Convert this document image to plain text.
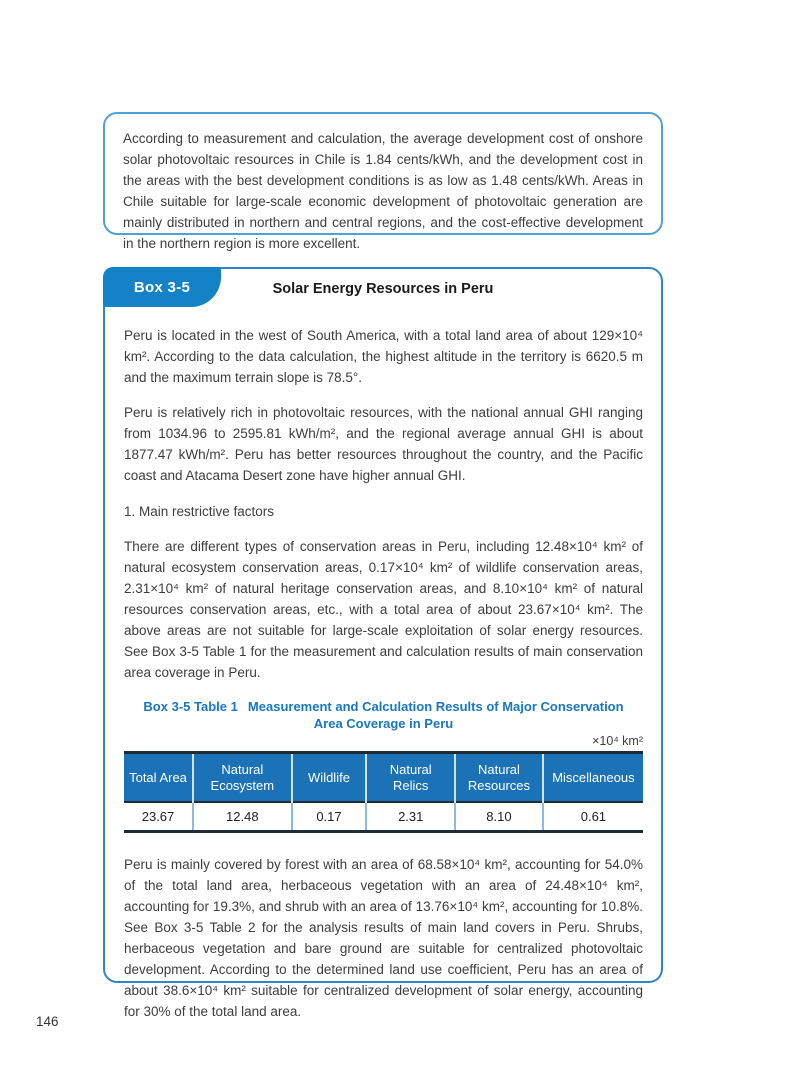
According to measurement and calculation, the average development cost of onshore solar photovoltaic resources in Chile is 1.84 cents/kWh, and the development cost in the areas with the best development conditions is as low as 1.48 cents/kWh. Areas in Chile suitable for large-scale economic development of photovoltaic generation are mainly distributed in northern and central regions, and the cost-effective development in the northern region is more excellent.

Box 3-5	Solar Energy Resources in Peru

Peru is located in the west of South America, with a total land area of about 129×10⁴ km². According to the data calculation, the highest altitude in the territory is 6620.5 m and the maximum terrain slope is 78.5°.

Peru is relatively rich in photovoltaic resources, with the national annual GHI ranging from 1034.96 to 2595.81 kWh/m², and the regional average annual GHI is about 1877.47 kWh/m². Peru has better resources throughout the country, and the Pacific coast and Atacama Desert zone have higher annual GHI.

1. Main restrictive factors

There are different types of conservation areas in Peru, including 12.48×10⁴ km² of natural ecosystem conservation areas, 0.17×10⁴ km² of wildlife conservation areas, 2.31×10⁴ km² of natural heritage conservation areas, and 8.10×10⁴ km² of natural resources conservation areas, etc., with a total area of about 23.67×10⁴ km². The above areas are not suitable for large-scale exploitation of solar energy resources. See Box 3-5 Table 1 for the measurement and calculation results of main conservation area coverage in Peru.

Box 3-5 Table 1  Measurement and Calculation Results of Major Conservation
Area Coverage in Peru
×10⁴ km²
Total Area	Natural Ecosystem	Wildlife	Natural Relics	Natural Resources	Miscellaneous
23.67	12.48	0.17	2.31	8.10	0.61

Peru is mainly covered by forest with an area of 68.58×10⁴ km², accounting for 54.0% of the total land area, herbaceous vegetation with an area of 24.48×10⁴ km², accounting for 19.3%, and shrub with an area of 13.76×10⁴ km², accounting for 10.8%. See Box 3-5 Table 2 for the analysis results of main land covers in Peru. Shrubs, herbaceous vegetation and bare ground are suitable for centralized photovoltaic development. According to the determined land use coefficient, Peru has an area of about 38.6×10⁴ km² suitable for centralized development of solar energy, accounting for 30% of the total land area.

146
